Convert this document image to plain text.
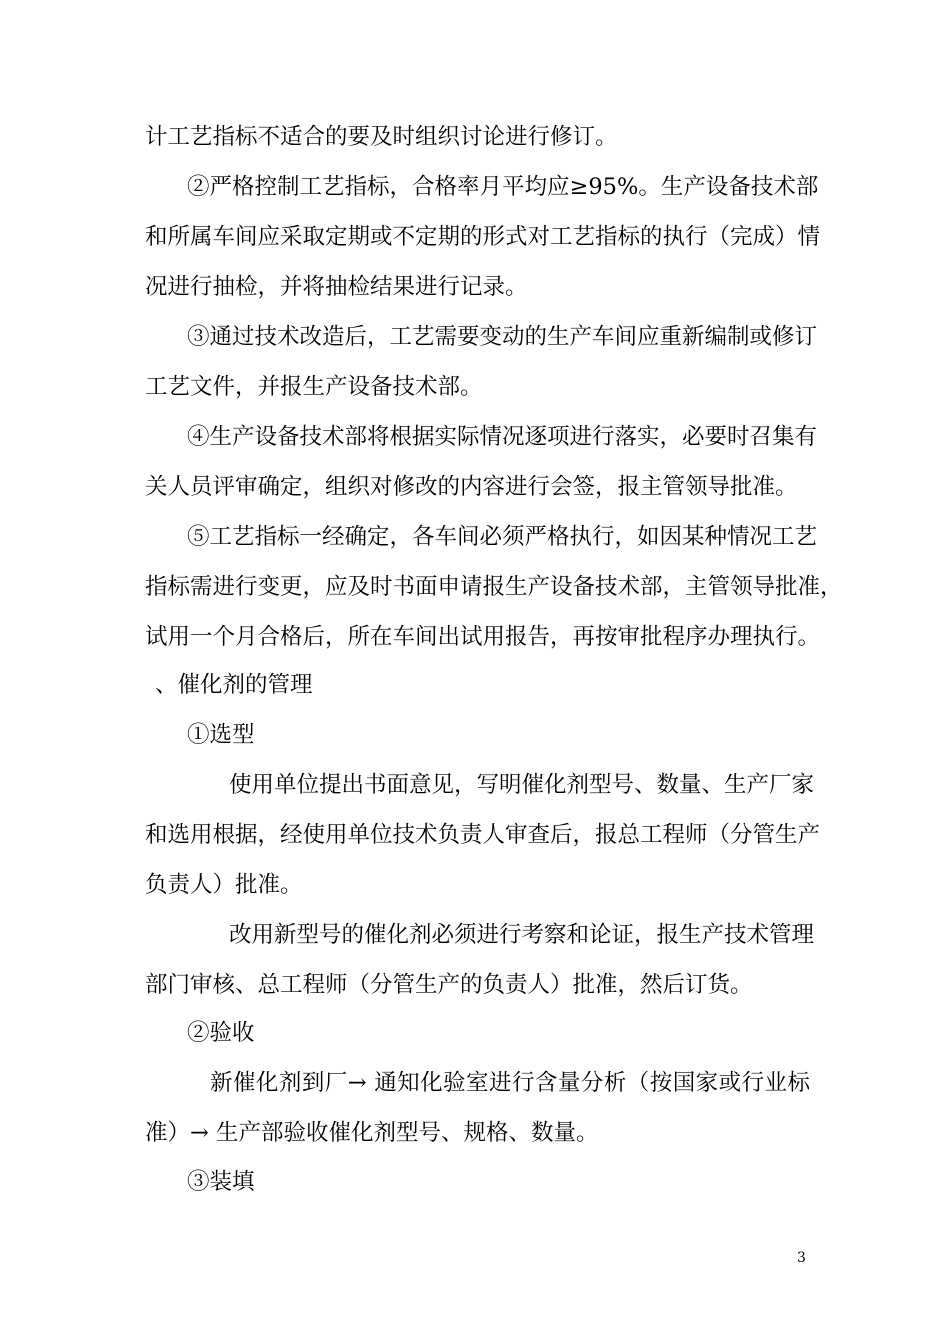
计工艺指标不适合的要及时组织讨论进行修订。
②严格控制工艺指标，合格率月平均应≥95%。生产设备技术部
和所属车间应采取定期或不定期的形式对工艺指标的执行（完成）情
况进行抽检，并将抽检结果进行记录。
③通过技术改造后，工艺需要变动的生产车间应重新编制或修订
工艺文件，并报生产设备技术部。
④生产设备技术部将根据实际情况逐项进行落实，必要时召集有
关人员评审确定，组织对修改的内容进行会签，报主管领导批准。
⑤工艺指标一经确定，各车间必须严格执行，如因某种情况工艺
指标需进行变更，应及时书面申请报生产设备技术部，主管领导批准，
试用一个月合格后，所在车间出试用报告，再按审批程序办理执行。
、催化剂的管理
①选型
使用单位提出书面意见，写明催化剂型号、数量、生产厂家
和选用根据，经使用单位技术负责人审查后，报总工程师（分管生产
负责人）批准。
改用新型号的催化剂必须进行考察和论证，报生产技术管理
部门审核、总工程师（分管生产的负责人）批准，然后订货。
②验收
新催化剂到厂→ 通知化验室进行含量分析（按国家或行业标
准）→ 生产部验收催化剂型号、规格、数量。
③装填
3
